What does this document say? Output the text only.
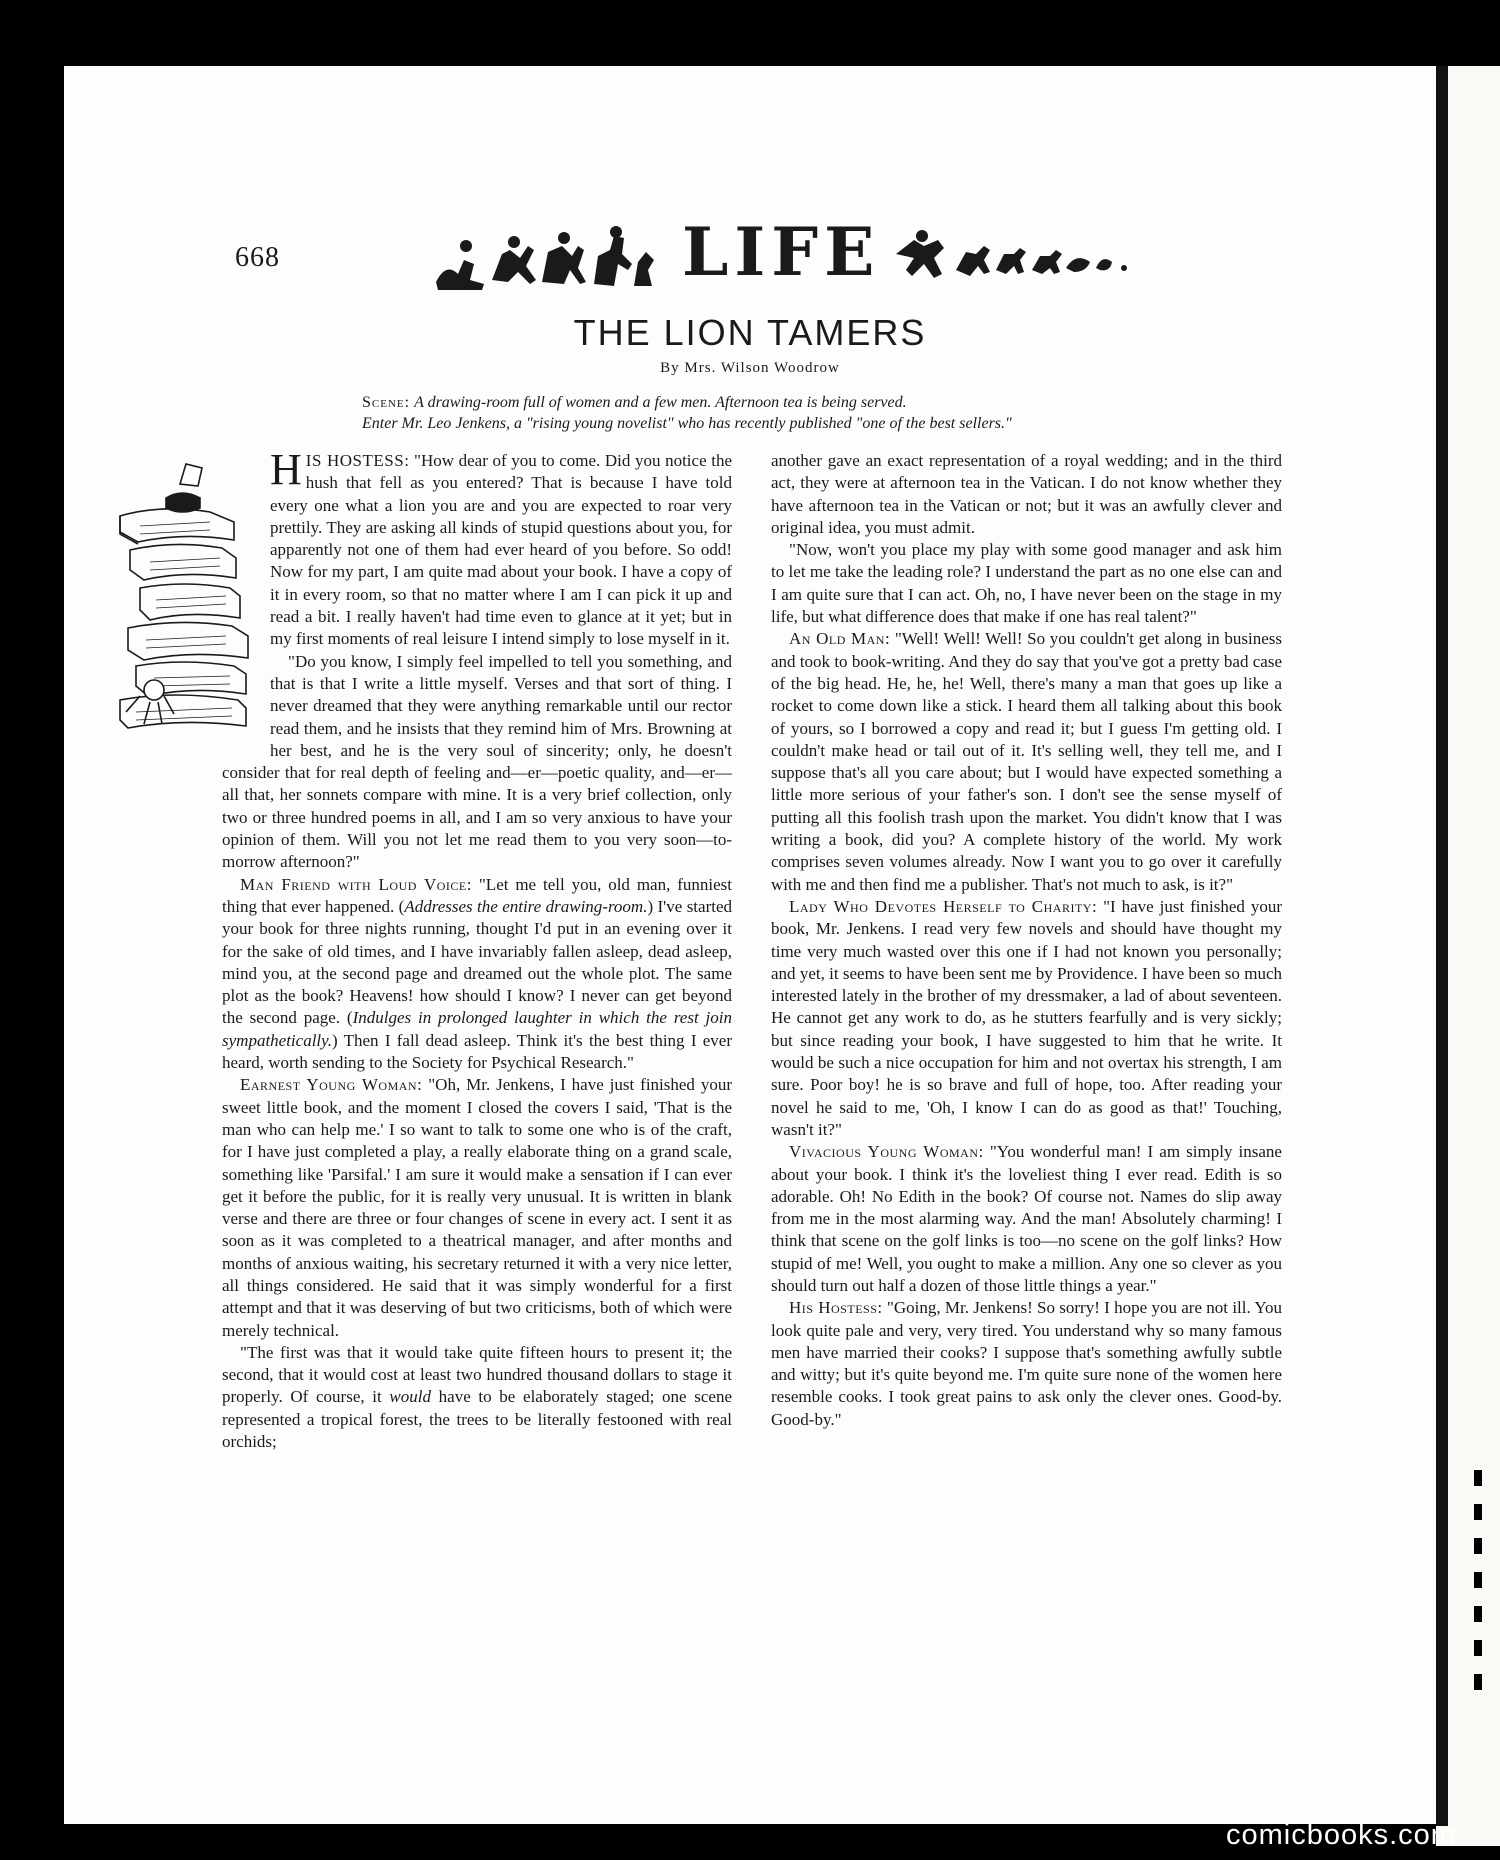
668	LIFE
THE LION TAMERS
By Mrs. Wilson Woodrow
Scene: A drawing-room full of women and a few men. Afternoon tea is being served.
Enter Mr. Leo Jenkens, a "rising young novelist" who has recently published "one of the best sellers."

HIS HOSTESS: "How dear of you to come. Did you notice the hush that fell as you entered? That is because I have told every one what a lion you are and you are expected to roar very prettily. They are asking all kinds of stupid questions about you, for apparently not one of them had ever heard of you before. So odd! Now for my part, I am quite mad about your book. I have a copy of it in every room, so that no matter where I am I can pick it up and read a bit. I really haven't had time even to glance at it yet; but in my first moments of real leisure I intend simply to lose myself in it.

"Do you know, I simply feel impelled to tell you something, and that is that I write a little myself. Verses and that sort of thing. I never dreamed that they were anything remarkable until our rector read them, and he insists that they remind him of Mrs. Browning at her best, and he is the very soul of sincerity; only, he doesn't consider that for real depth of feeling and—er—poetic quality, and—er—all that, her sonnets compare with mine. It is a very brief collection, only two or three hundred poems in all, and I am so very anxious to have your opinion of them. Will you not let me read them to you very soon—to-morrow afternoon?"

Man Friend with Loud Voice: "Let me tell you, old man, funniest thing that ever happened. (Addresses the entire drawing-room.) I've started your book for three nights running, thought I'd put in an evening over it for the sake of old times, and I have invariably fallen asleep, dead asleep, mind you, at the second page and dreamed out the whole plot. The same plot as the book? Heavens! how should I know? I never can get beyond the second page. (Indulges in prolonged laughter in which the rest join sympathetically.) Then I fall dead asleep. Think it's the best thing I ever heard, worth sending to the Society for Psychical Research."

Earnest Young Woman: "Oh, Mr. Jenkens, I have just finished your sweet little book, and the moment I closed the covers I said, 'That is the man who can help me.' I so want to talk to some one who is of the craft, for I have just completed a play, a really elaborate thing on a grand scale, something like 'Parsifal.' I am sure it would make a sensation if I can ever get it before the public, for it is really very unusual. It is written in blank verse and there are three or four changes of scene in every act. I sent it as soon as it was completed to a theatrical manager, and after months and months of anxious waiting, his secretary returned it with a very nice letter, all things considered. He said that it was simply wonderful for a first attempt and that it was deserving of but two criticisms, both of which were merely technical.

"The first was that it would take quite fifteen hours to present it; the second, that it would cost at least two hundred thousand dollars to stage it properly. Of course, it would have to be elaborately staged; one scene represented a tropical forest, the trees to be literally festooned with real orchids;

another gave an exact representation of a royal wedding; and in the third act, they were at afternoon tea in the Vatican. I do not know whether they have afternoon tea in the Vatican or not; but it was an awfully clever and original idea, you must admit.

"Now, won't you place my play with some good manager and ask him to let me take the leading role? I understand the part as no one else can and I am quite sure that I can act. Oh, no, I have never been on the stage in my life, but what difference does that make if one has real talent?"

An Old Man: "Well! Well! Well! So you couldn't get along in business and took to book-writing. And they do say that you've got a pretty bad case of the big head. He, he, he! Well, there's many a man that goes up like a rocket to come down like a stick. I heard them all talking about this book of yours, so I borrowed a copy and read it; but I guess I'm getting old. I couldn't make head or tail out of it. It's selling well, they tell me, and I suppose that's all you care about; but I would have expected something a little more serious of your father's son. I don't see the sense myself of putting all this foolish trash upon the market. You didn't know that I was writing a book, did you? A complete history of the world. My work comprises seven volumes already. Now I want you to go over it carefully with me and then find me a publisher. That's not much to ask, is it?"

Lady Who Devotes Herself to Charity: "I have just finished your book, Mr. Jenkens. I read very few novels and should have thought my time very much wasted over this one if I had not known you personally; and yet, it seems to have been sent me by Providence. I have been so much interested lately in the brother of my dressmaker, a lad of about seventeen. He cannot get any work to do, as he stutters fearfully and is very sickly; but since reading your book, I have suggested to him that he write. It would be such a nice occupation for him and not overtax his strength, I am sure. Poor boy! he is so brave and full of hope, too. After reading your novel he said to me, 'Oh, I know I can do as good as that!' Touching, wasn't it?"

Vivacious Young Woman: "You wonderful man! I am simply insane about your book. I think it's the loveliest thing I ever read. Edith is so adorable. Oh! No Edith in the book? Of course not. Names do slip away from me in the most alarming way. And the man! Absolutely charming! I think that scene on the golf links is too—no scene on the golf links? How stupid of me! Well, you ought to make a million. Any one so clever as you should turn out half a dozen of those little things a year."

His Hostess: "Going, Mr. Jenkens! So sorry! I hope you are not ill. You look quite pale and very, very tired. You understand why so many famous men have married their cooks? I suppose that's something awfully subtle and witty; but it's quite beyond me. I'm quite sure none of the women here resemble cooks. I took great pains to ask only the clever ones. Good-by. Good-by."

comicbooks.com
